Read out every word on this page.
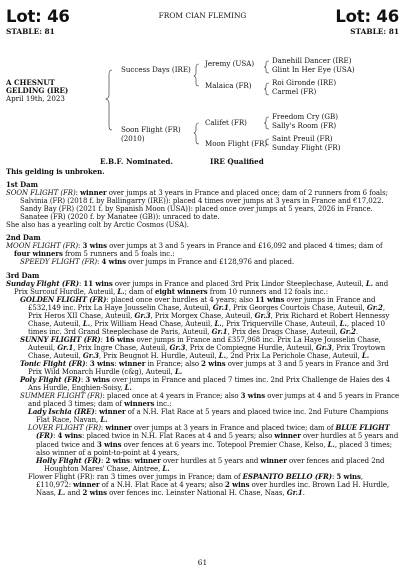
Lot: 46	Lot: 46
FROM CIAN FLEMING
STABLE: 81	STABLE: 81
A CHESNUT
GELDING (IRE)
April 19th, 2023
Success Days (IRE)
Soon Flight (FR)
(2010)
Jeremy (USA)
Malaica (FR)
Califet (FR)
Moon Flight (FR)
Danehill Dancer (IRE)
Glint In Her Eye (USA)
Roi Gironde (IRE)
Carmel (FR)
Freedom Cry (GB)
Sally's Room (FR)
Saint Preuil (FR)
Sunday Flight (FR)
E.B.F. Nominated.	IRE Qualified

This gelding is unbroken.

1st Dam

SOON FLIGHT (FR): winner over jumps at 3 years in France and placed once; dam of 2 runners from 6 foals;

Salvinia (FR) (2018 f. by Ballingarry (IRE)): placed 4 times over jumps at 3 years in France and €17,022.

Sandy Bay (FR) (2021 f. by Spanish Moon (USA)): placed once over jumps at 5 years, 2026 in France.

Sanatee (FR) (2020 f. by Manatee (GB)): unraced to date.

She also has a yearling colt by Arctic Cosmos (USA).

2nd Dam

MOON FLIGHT (FR): 3 wins over jumps at 3 and 5 years in France and £16,092 and placed 4 times; dam of four winners from 5 runners and 5 foals inc.:

SPEEDY FLIGHT (FR): 4 wins over jumps in France and £128,976 and placed.

3rd Dam

Sunday Flight (FR): 11 wins over jumps in France and placed 3rd Prix Lindor Steeplechase, Auteuil, L. and Prix Surcouf Hurdle, Auteuil, L.; dam of eight winners from 10 runners and 12 foals inc.:

GOLDEN FLIGHT (FR): placed once over hurdles at 4 years; also 11 wins over jumps in France and £532,149 inc. Prix La Haye Jousselin Chase, Auteuil, Gr.1, Prix Georges Courtois Chase, Auteuil, Gr.2, Prix Heros XII Chase, Auteuil, Gr.3, Prix Morgex Chase, Auteuil, Gr.3, Prix Richard et Robert Hennessy Chase, Auteuil, L., Prix William Head Chase, Auteuil, L., Prix Triquerville Chase, Auteuil, L., placed 10 times inc. 3rd Grand Steeplechase de Paris, Auteuil, Gr.1, Prix des Drags Chase, Auteuil, Gr.2.

SUNNY FLIGHT (FR): 16 wins over jumps in France and £357,968 inc. Prix La Haye Jousselin Chase, Auteuil, Gr.1, Prix Ingre Chase, Auteuil, Gr.3, Prix de Compiegne Hurdle, Auteuil, Gr.3, Prix Troytown Chase, Auteuil, Gr.3, Prix Beugnot H. Hurdle, Auteuil, L., 2nd Prix La Perichole Chase, Auteuil, L.

Tonic Flight (FR): 3 wins: winner in France; also 2 wins over jumps at 3 and 5 years in France and 3rd Prix Wild Monarch Hurdle (c&g), Auteuil, L.

Poly Flight (FR): 3 wins over jumps in France and placed 7 times inc. 2nd Prix Challenge de Haies des 4 Ans Hurdle, Enghien-Soisy, L.

SUMMER FLIGHT (FR): placed once at 4 years in France; also 3 wins over jumps at 4 and 5 years in France and placed 3 times; dam of winners inc.:

Lady Ischia (IRE): winner of a N.H. Flat Race at 5 years and placed twice inc. 2nd Future Champions Flat Race, Navan, L.

LOVER FLIGHT (FR): winner over jumps at 3 years in France and placed twice; dam of BLUE FLIGHT (FR): 4 wins: placed twice in N.H. Flat Races at 4 and 5 years; also winner over hurdles at 5 years and placed twice and 3 wins over fences at 6 years inc. Totepool Premier Chase, Kelso, L., placed 3 times; also winner of a point-to-point at 4 years,

Holly Flight (FR): 2 wins: winner over hurdles at 5 years and winner over fences and placed 2nd Houghton Mares' Chase, Aintree, L.

Flower Flight (FR): ran 3 times over jumps in France; dam of ESPANITO BELLO (FR): 5 wins, £110,972: winner of a N.H. Flat Race at 4 years; also 2 wins over hurdles inc. Brown Lad H. Hurdle, Naas, L. and 2 wins over fences inc. Leinster National H. Chase, Naas, Gr.1.

61
